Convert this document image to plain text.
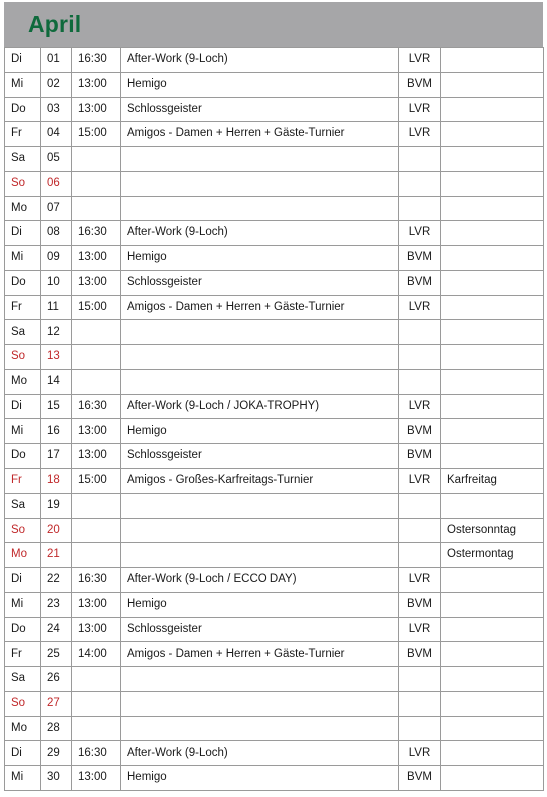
April
Di	01	16:30	After-Work (9-Loch)	LVR	
Mi	02	13:00	Hemigo	BVM	
Do	03	13:00	Schlossgeister	LVR	
Fr	04	15:00	Amigos - Damen + Herren + Gäste-Turnier	LVR	
Sa	05				
So	06				
Mo	07				
Di	08	16:30	After-Work (9-Loch)	LVR	
Mi	09	13:00	Hemigo	BVM	
Do	10	13:00	Schlossgeister	BVM	
Fr	11	15:00	Amigos - Damen + Herren + Gäste-Turnier	LVR	
Sa	12				
So	13				
Mo	14				
Di	15	16:30	After-Work (9-Loch / JOKA-TROPHY)	LVR	
Mi	16	13:00	Hemigo	BVM	
Do	17	13:00	Schlossgeister	BVM	
Fr	18	15:00	Amigos - Großes-Karfreitags-Turnier	LVR	Karfreitag
Sa	19				
So	20				Ostersonntag
Mo	21				Ostermontag
Di	22	16:30	After-Work (9-Loch / ECCO DAY)	LVR	
Mi	23	13:00	Hemigo	BVM	
Do	24	13:00	Schlossgeister	LVR	
Fr	25	14:00	Amigos - Damen + Herren + Gäste-Turnier	BVM	
Sa	26				
So	27				
Mo	28				
Di	29	16:30	After-Work (9-Loch)	LVR	
Mi	30	13:00	Hemigo	BVM	
